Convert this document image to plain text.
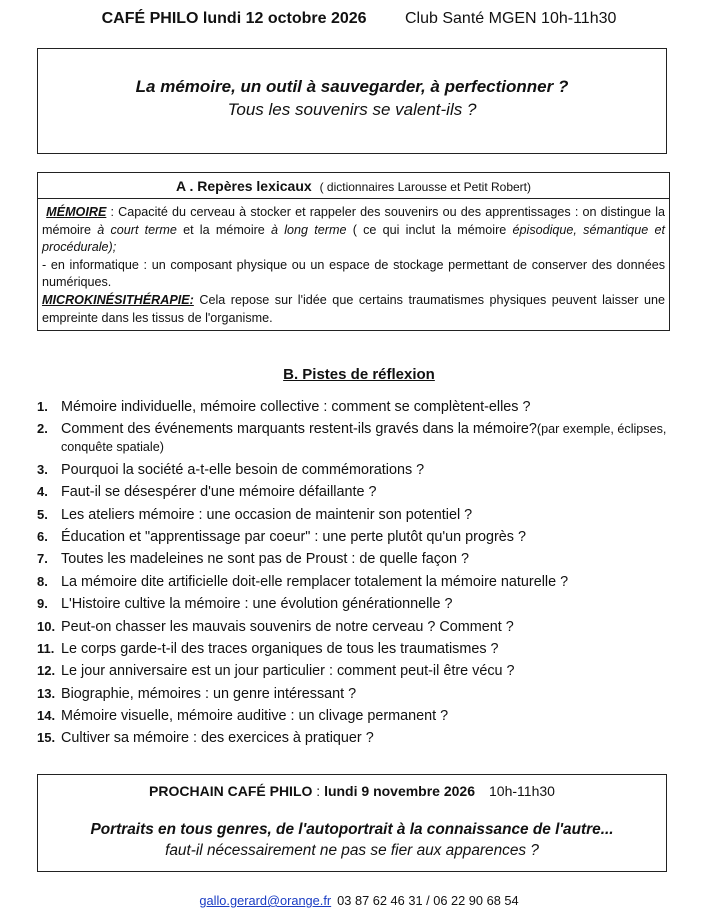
CAFÉ PHILO lundi 12 octobre 2026 Club Santé MGEN 10h-11h30
La mémoire, un outil à sauvegarder, à perfectionner ?
Tous les souvenirs se valent-ils ?
A . Repères lexicaux ( dictionnaires Larousse et Petit Robert)

MÉMOIRE : Capacité du cerveau à stocker et rappeler des souvenirs ou des apprentissages : on distingue la mémoire à court terme et la mémoire à long terme ( ce qui inclut la mémoire épisodique, sémantique et procédurale);

- en informatique : un composant physique ou un espace de stockage permettant de conserver des données numériques.

MICROKINÉSITHÉRAPIE: Cela repose sur l'idée que certains traumatismes physiques peuvent laisser une empreinte dans les tissus de l'organisme.

B. Pistes de réflexion
1. Mémoire individuelle, mémoire collective : comment se complètent-elles ?
2. Comment des événements marquants restent-ils gravés dans la mémoire?(par exemple, éclipses, conquête spatiale)
3. Pourquoi la société a-t-elle besoin de commémorations ?
4. Faut-il se désespérer d'une mémoire défaillante ?
5. Les ateliers mémoire : une occasion de maintenir son potentiel ?
6. Éducation et "apprentissage par coeur" : une perte plutôt qu'un progrès ?
7. Toutes les madeleines ne sont pas de Proust : de quelle façon ?
8. La mémoire dite artificielle doit-elle remplacer totalement la mémoire naturelle ?
9. L'Histoire cultive la mémoire : une évolution générationnelle ?
10. Peut-on chasser les mauvais souvenirs de notre cerveau ? Comment ?
11. Le corps garde-t-il des traces organiques de tous les traumatismes ?
12. Le jour anniversaire est un jour particulier : comment peut-il être vécu ?
13. Biographie, mémoires : un genre intéressant ?
14. Mémoire visuelle, mémoire auditive : un clivage permanent ?
15. Cultiver sa mémoire : des exercices à pratiquer ?
PROCHAIN CAFÉ PHILO : lundi 9 novembre 2026 10h-11h30
Portraits en tous genres, de l'autoportrait à la connaissance de l'autre...
faut-il nécessairement ne pas se fier aux apparences ?
gallo.gerard@orange.fr 03 87 62 46 31 / 06 22 90 68 54
